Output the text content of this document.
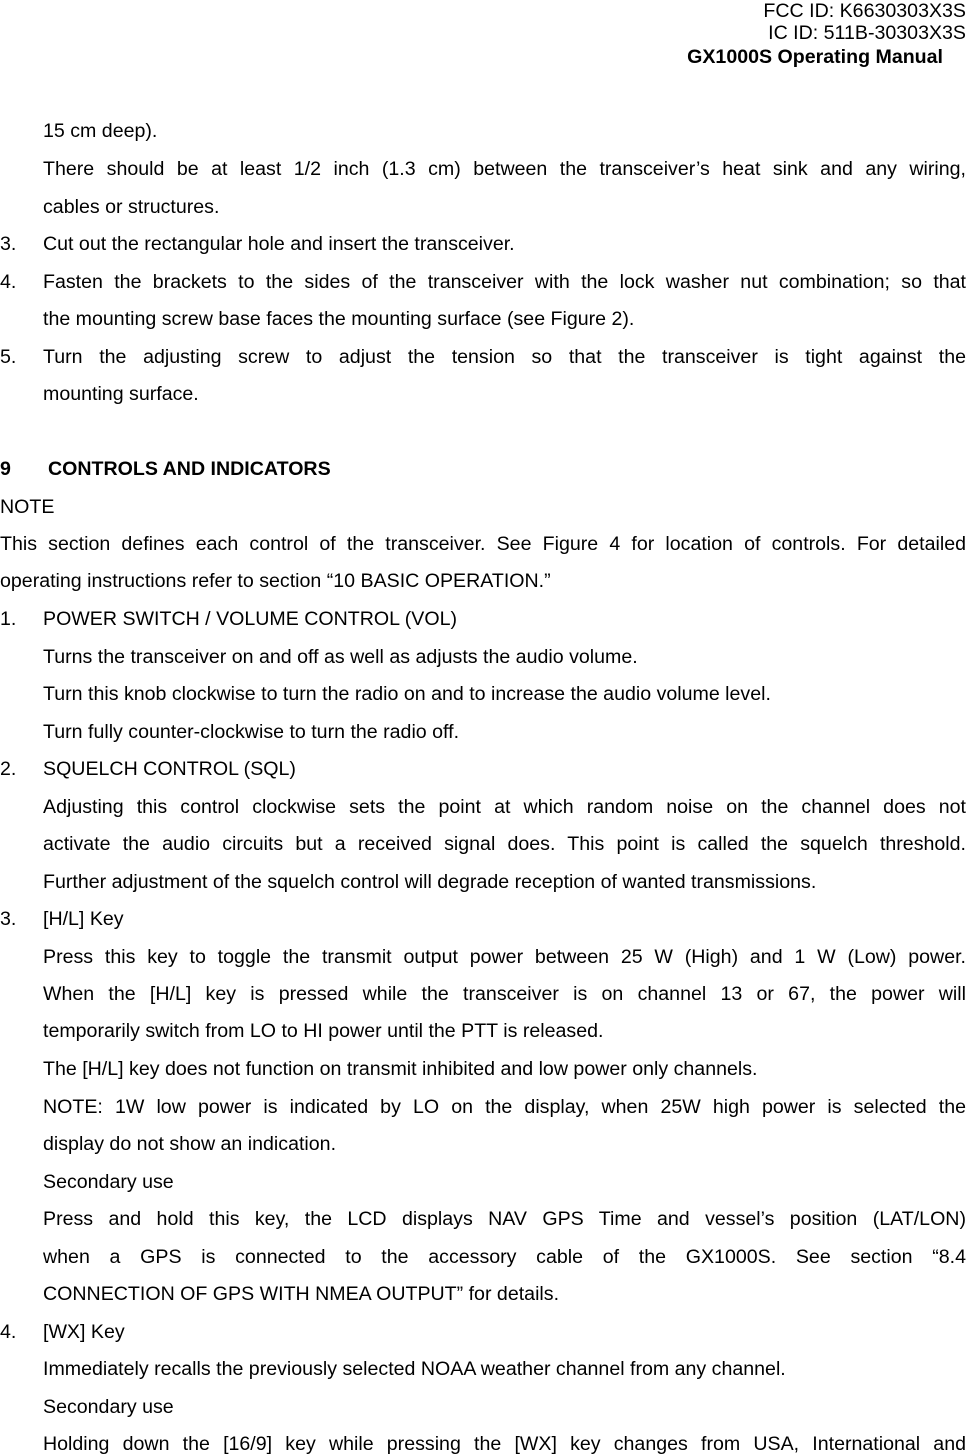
FCC ID: K6630303X3S
IC ID: 511B-30303X3S
GX1000S Operating Manual
15 cm deep).
There should be at least 1/2 inch (1.3 cm) between the transceiver’s heat sink and any wiring,
cables or structures.
3. Cut out the rectangular hole and insert the transceiver.
4. Fasten the brackets to the sides of the transceiver with the lock washer nut combination; so that
the mounting screw base faces the mounting surface (see Figure 2).
5. Turn the adjusting screw to adjust the tension so that the transceiver is tight against the
mounting surface.
9 CONTROLS AND INDICATORS
NOTE
This section defines each control of the transceiver. See Figure 4 for location of controls. For detailed
operating instructions refer to section “10 BASIC OPERATION.”
1. POWER SWITCH / VOLUME CONTROL (VOL)
Turns the transceiver on and off as well as adjusts the audio volume.
Turn this knob clockwise to turn the radio on and to increase the audio volume level.
Turn fully counter-clockwise to turn the radio off.
2. SQUELCH CONTROL (SQL)
Adjusting this control clockwise sets the point at which random noise on the channel does not
activate the audio circuits but a received signal does. This point is called the squelch threshold.
Further adjustment of the squelch control will degrade reception of wanted transmissions.
3. [H/L] Key
Press this key to toggle the transmit output power between 25 W (High) and 1 W (Low) power.
When the [H/L] key is pressed while the transceiver is on channel 13 or 67, the power will
temporarily switch from LO to HI power until the PTT is released.
The [H/L] key does not function on transmit inhibited and low power only channels.
NOTE: 1W low power is indicated by LO on the display, when 25W high power is selected the
display do not show an indication.
Secondary use
Press and hold this key, the LCD displays NAV GPS Time and vessel’s position (LAT/LON)
when a GPS is connected to the accessory cable of the GX1000S. See section “8.4
CONNECTION OF GPS WITH NMEA OUTPUT” for details.
4. [WX] Key
Immediately recalls the previously selected NOAA weather channel from any channel.
Secondary use
Holding down the [16/9] key while pressing the [WX] key changes from USA, International and
